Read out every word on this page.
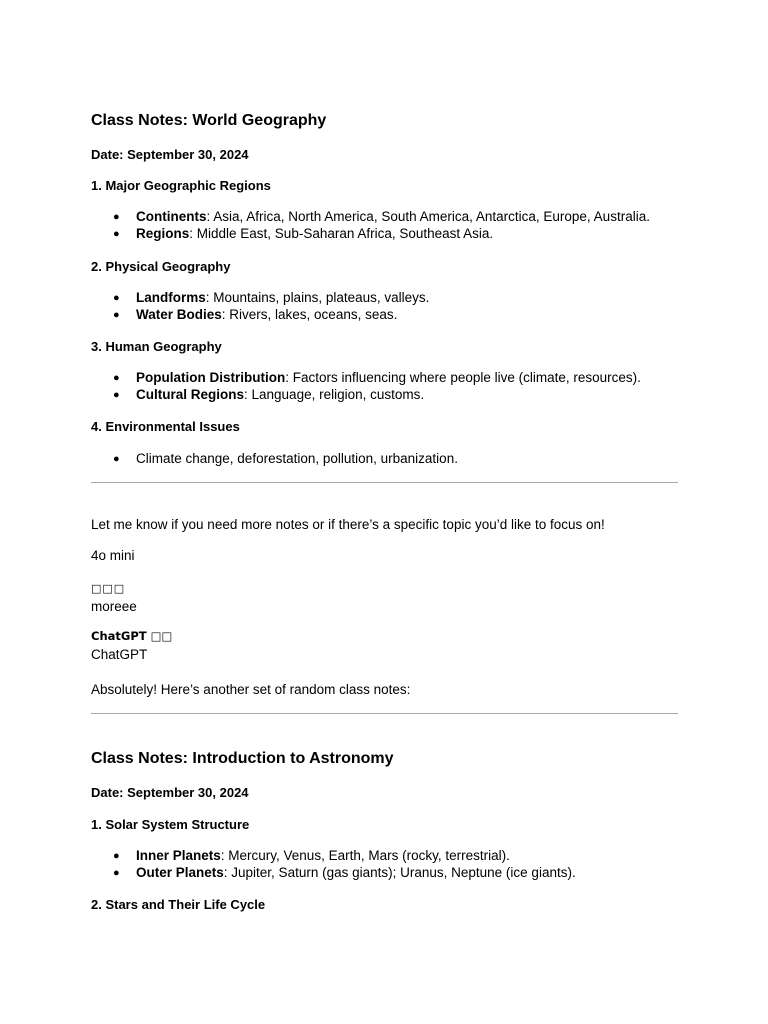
Class Notes: World Geography
Date: September 30, 2024
1. Major Geographic Regions
● Continents: Asia, Africa, North America, South America, Antarctica, Europe, Australia.
● Regions: Middle East, Sub-Saharan Africa, Southeast Asia.
2. Physical Geography
● Landforms: Mountains, plains, plateaus, valleys.
● Water Bodies: Rivers, lakes, oceans, seas.
3. Human Geography
● Population Distribution: Factors influencing where people live (climate, resources).
● Cultural Regions: Language, religion, customs.
4. Environmental Issues
● Climate change, deforestation, pollution, urbanization.
Let me know if you need more notes or if there’s a specific topic you’d like to focus on!
4o mini
□□□
moreee
ChatGPT □□
ChatGPT
Absolutely! Here’s another set of random class notes:
Class Notes: Introduction to Astronomy
Date: September 30, 2024
1. Solar System Structure
● Inner Planets: Mercury, Venus, Earth, Mars (rocky, terrestrial).
● Outer Planets: Jupiter, Saturn (gas giants); Uranus, Neptune (ice giants).
2. Stars and Their Life Cycle
